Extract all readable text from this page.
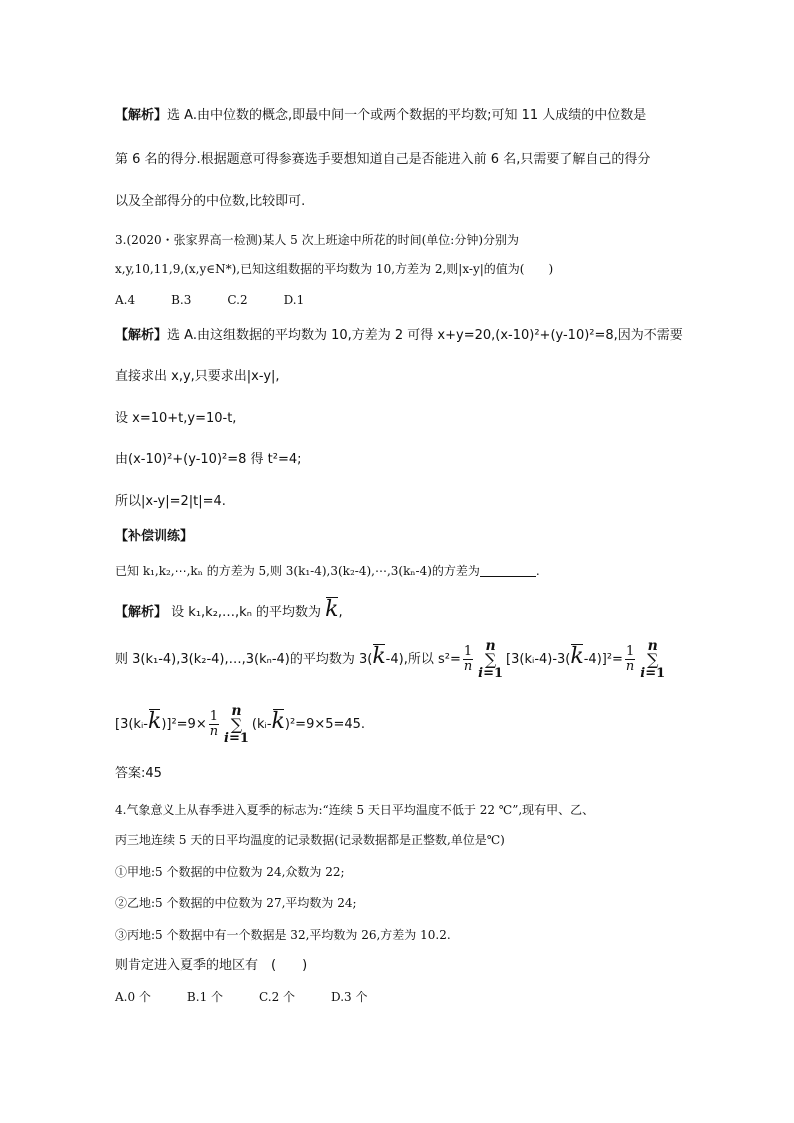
【解析】选 A.由中位数的概念,即最中间一个或两个数据的平均数;可知 11 人成绩的中位数是
第 6 名的得分.根据题意可得参赛选手要想知道自己是否能进入前 6 名,只需要了解自己的得分
以及全部得分的中位数,比较即可.
3.(2020・张家界高一检测)某人 5 次上班途中所花的时间(单位:分钟)分别为
x,y,10,11,9,(x,y∈N*),已知这组数据的平均数为 10,方差为 2,则|x-y|的值为(　　)
A.4　　　B.3　　　C.2　　　D.1
【解析】选 A.由这组数据的平均数为 10,方差为 2 可得 x+y=20,(x-10)²+(y-10)²=8,因为不需要
直接求出 x,y,只要求出|x-y|,
设 x=10+t,y=10-t,
由(x-10)²+(y-10)²=8 得 t²=4;
所以|x-y|=2|t|=4.
【补偿训练】
已知 k₁,k₂,⋯,kₙ 的方差为 5,则 3(k₁-4),3(k₂-4),⋯,3(kₙ-4)的方差为	.
【解析】 设 k₁,k₂,…,kₙ 的平均数为 k,
则 3(k₁-4),3(k₂-4),…,3(kₙ-4)的平均数为 3(k-4),所以 $s^2= \frac{1}{n}$ n
∑
i=1
[3(kᵢ-4)-3(k-4)]²= $\frac{1}{n}$ n
∑
i=1
[3(kᵢ-k)]²=9× $\frac{1}{n}$ n
∑
i=1
(kᵢ-k)²=9×5=45.
答案:45
4.气象意义上从春季进入夏季的标志为:“连续 5 天日平均温度不低于 22 ℃”,现有甲、乙、
丙三地连续 5 天的日平均温度的记录数据(记录数据都是正整数,单位是℃)
①甲地:5 个数据的中位数为 24,众数为 22;
②乙地:5 个数据的中位数为 27,平均数为 24;
③丙地:5 个数据中有一个数据是 32,平均数为 26,方差为 10.2.
则肯定进入夏季的地区有　(　　)
A.0 个　　　B.1 个　　　C.2 个　　　D.3 个
